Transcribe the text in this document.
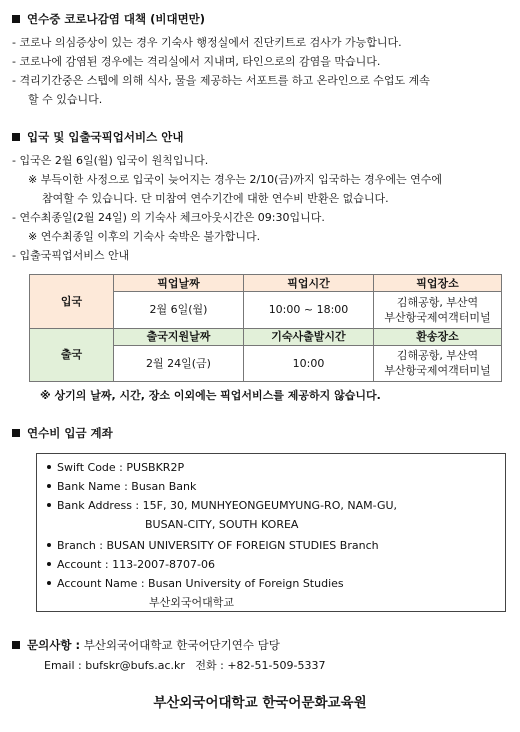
연수중 코로나감염 대책 (비대면만)
- 코로나 의심증상이 있는 경우 기숙사 행정실에서 진단키트로 검사가 가능합니다.
- 코로나에 감염된 경우에는 격리실에서 지내며, 타인으로의 감염을 막습니다.
- 격리기간중은 스텝에 의해 식사, 물을 제공하는 서포트를 하고 온라인으로 수업도 계속
할 수 있습니다.
입국 및 입출국픽업서비스 안내
- 입국은 2월 6일(월) 입국이 원칙입니다.
※ 부득이한 사정으로 입국이 늦어지는 경우는 2/10(금)까지 입국하는 경우에는 연수에
참여할 수 있습니다. 단 미참여 연수기간에 대한 연수비 반환은 없습니다.
- 연수최종일(2월 24일) 의 기숙사 체크아웃시간은 09:30입니다.
※ 연수최종일 이후의 기숙사 숙박은 불가합니다.
- 입출국픽업서비스 안내
입국	픽업날짜	픽업시간	픽업장소
	2월 6일(월)	10:00 ~ 18:00	김해공항, 부산역
부산항국제여객터미널

출국	출국지원날짜	기숙사출발시간	환송장소
	2월 24일(금)	10:00	김해공항, 부산역
부산항국제여객터미널
※ 상기의 날짜, 시간, 장소 이외에는 픽업서비스를 제공하지 않습니다.
연수비 입금 계좌
Swift Code : PUSBKR2P
Bank Name : Busan Bank
Bank Address : 15F, 30, MUNHYEONGEUMYUNG-RO, NAM-GU,
BUSAN-CITY, SOUTH KOREA
Branch : BUSAN UNIVERSITY OF FOREIGN STUDIES Branch
Account : 113-2007-8707-06
Account Name : Busan University of Foreign Studies
부산외국어대학교
문의사항 : 부산외국어대학교 한국어단기연수 담당
Email : bufskr@bufs.ac.kr   전화 : +82-51-509-5337
부산외국어대학교 한국어문화교육원
